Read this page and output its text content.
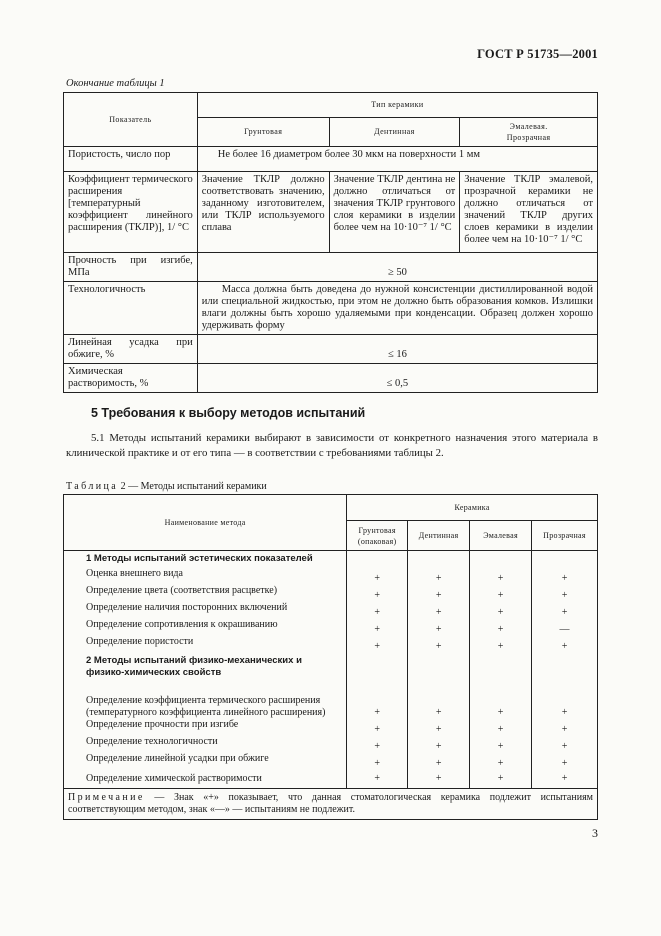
ГОСТ Р 51735—2001
Окончание таблицы 1
Показатель	Тип керамики		
	Грунтовая	Дентинная	Эмалевая.
Прозрачная
Пористость, число пор	Не более 16 диаметром более 30 мкм на поверхности 1 мм		
Коэффициент термического расширения [температурный коэффициент линейного расширения (ТКЛР)], 1/ °C	Значение ТКЛР должно соответствовать значению, заданному изготовителем, или ТКЛР используемого сплава	Значение ТКЛР дентина не должно отличаться от значения ТКЛР грунтового слоя керамики в изделии более чем на 10·10⁻⁷ 1/ °C	Значение ТКЛР эмалевой, прозрачной керамики не должно отличаться от значений ТКЛР других слоев керамики в изделии более чем на 10·10⁻⁷ 1/ °C
Прочность при изгибе, МПа	≥ 50		
Технологичность	Масса должна быть доведена до нужной консистенции дистиллированной водой или специальной жидкостью, при этом не должно быть образования комков. Излишки влаги должны быть хорошо удаляемыми при конденсации. Образец должен хорошо удерживать форму		
Линейная усадка при обжиге, %	≤ 16		
Химическая растворимость, %	≤ 0,5		
5 Требования к выбору методов испытаний
5.1 Методы испытаний керамики выбирают в зависимости от конкретного назначения этого материала в клинической практике и от его типа — в соответствии с требованиями таблицы 2.
Таблица 2 — Методы испытаний керамики
Наименование метода	Керамика			
	Грунтовая (опаковая)	Дентинная	Эмалевая	Прозрачная
1 Методы испытаний эстетических показателей				
Оценка внешнего вида	+	+	+	+
Определение цвета (соответствия расцветке)	+	+	+	+
Определение наличия посторонних включений	+	+	+	+
Определение сопротивления к окрашиванию	+	+	+	—
Определение пористости	+	+	+	+
2 Методы испытаний физико-механических и физико-химических свойств				
Определение коэффициента термического расширения (температурного коэффициента линейного расширения)	+	+	+	+
Определение прочности при изгибе	+	+	+	+
Определение технологичности	+	+	+	+
Определение линейной усадки при обжиге	+	+	+	+
Определение химической растворимости	+	+	+	+
Примечание — Знак «+» показывает, что данная стоматологическая керамика подлежит испытаниям соответствующим методом, знак «—» — испытаниям не подлежит.				
3
